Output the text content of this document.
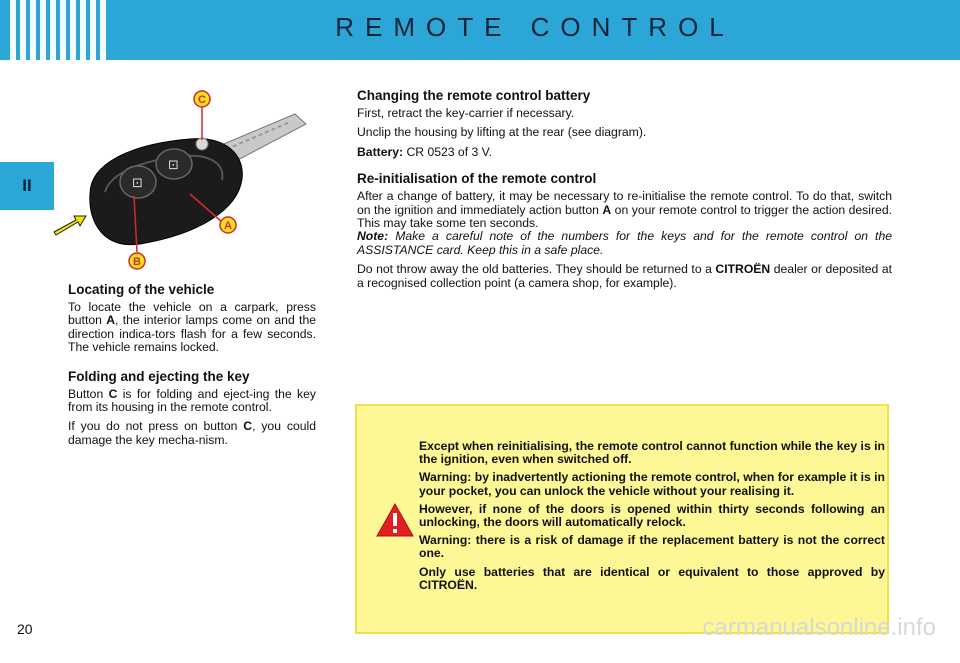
REMOTE CONTROL
II	⊡
⊡
C
A
B
Locating of the vehicle

To locate the vehicle on a carpark, press button A, the interior lamps come on and the direction indica-tors flash for a few seconds. The vehicle remains locked.

Folding and ejecting the key

Button C is for folding and eject-ing the key from its housing in the remote control.

If you do not press on button C, you could damage the key mecha-nism.

Changing the remote control battery

First, retract the key-carrier if necessary.

Unclip the housing by lifting at the rear (see diagram).

Battery: CR 0523 of 3 V.

Re-initialisation of the remote control

After a change of battery, it may be necessary to re-initialise the remote control. To do that, switch on the ignition and immediately action button A on your remote control to trigger the action desired. This may take some ten seconds.
Note: Make a careful note of the numbers for the keys and for the remote control on the ASSISTANCE card. Keep this in a safe place.

Do not throw away the old batteries. They should be returned to a CITROËN dealer or deposited at a recognised collection point (a camera shop, for example).

Except when reinitialising, the remote control cannot function while the key is in the ignition, even when switched off.

Warning: by inadvertently actioning the remote control, when for example it is in your pocket, you can unlock the vehicle without your realising it.

However, if none of the doors is opened within thirty seconds following an unlocking, the doors will automatically relock.

Warning: there is a risk of damage if the replacement battery is not the correct one.

Only use batteries that are identical or equivalent to those approved by CITROËN.

20	carmanualsonline.info
